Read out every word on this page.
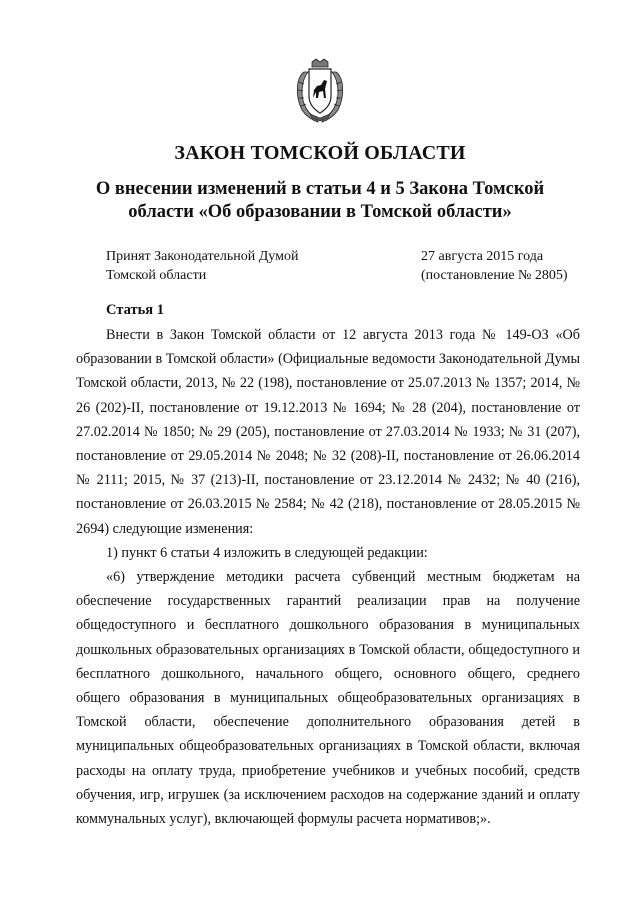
ЗАКОН ТОМСКОЙ ОБЛАСТИ
О внесении изменений в статьи 4 и 5 Закона Томской
области «Об образовании в Томской области»
Принят Законодательной Думой
Томской области
27 августа 2015 года
(постановление № 2805)
Статья 1

Внести в Закон Томской области от 12 августа 2013 года № 149-ОЗ «Об образовании в Томской области» (Официальные ведомости Законодательной Думы Томской области, 2013, № 22 (198), постановление от 25.07.2013 № 1357; 2014, № 26 (202)-II, постановление от 19.12.2013 № 1694; № 28 (204), постановление от 27.02.2014 № 1850; № 29 (205), постановление от 27.03.2014 № 1933; № 31 (207), постановление от 29.05.2014 № 2048; № 32 (208)-II, постановление от 26.06.2014 № 2111; 2015, № 37 (213)-II, постановление от 23.12.2014 № 2432; № 40 (216), постановление от 26.03.2015 № 2584; № 42 (218), постановление от 28.05.2015 № 2694) следующие изменения:

1) пункт 6 статьи 4 изложить в следующей редакции:

«6) утверждение методики расчета субвенций местным бюджетам на обеспечение государственных гарантий реализации прав на получение общедоступного и бесплатного дошкольного образования в муниципальных дошкольных образовательных организациях в Томской области, общедоступного и бесплатного дошкольного, начального общего, основного общего, среднего общего образования в муниципальных общеобразовательных организациях в Томской области, обеспечение дополнительного образования детей в муниципальных общеобразовательных организациях в Томской области, включая расходы на оплату труда, приобретение учебников и учебных пособий, средств обучения, игр, игрушек (за исключением расходов на содержание зданий и оплату коммунальных услуг), включающей формулы расчета нормативов;».
